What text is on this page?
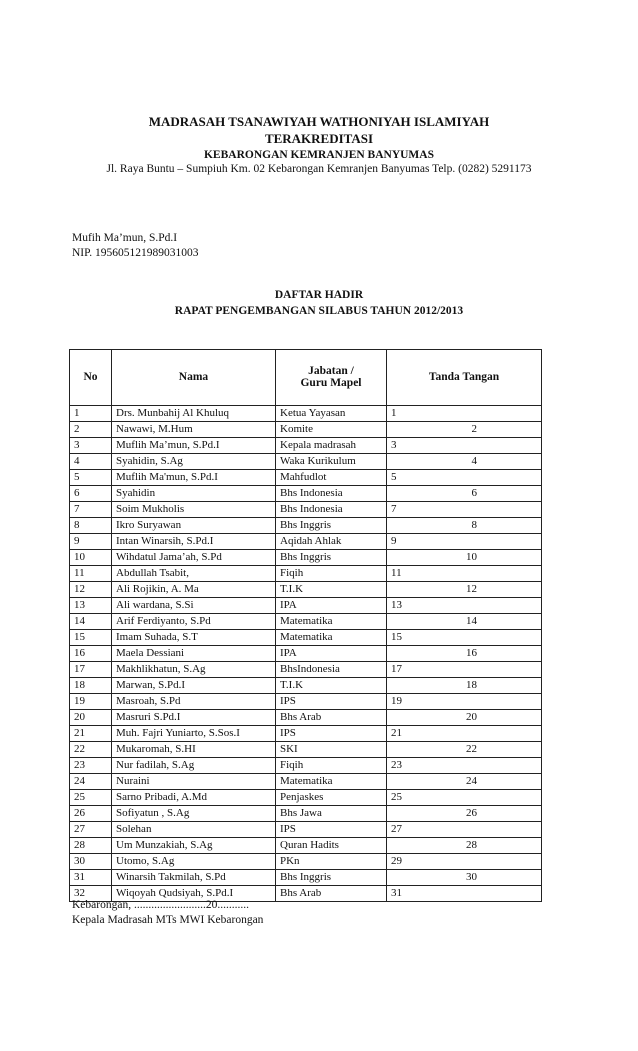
MADRASAH TSANAWIYAH WATHONIYAH ISLAMIYAH
TERAKREDITASI
KEBARONGAN KEMRANJEN BANYUMAS
Jl. Raya Buntu – Sumpiuh Km. 02 Kebarongan Kemranjen Banyumas Telp. (0282) 5291173
Mufih Ma’mun, S.Pd.I
NIP. 195605121989031003
DAFTAR HADIR
RAPAT PENGEMBANGAN SILABUS TAHUN 2012/2013
No	Nama	Jabatan /
Guru Mapel	Tanda Tangan
1	Drs. Munbahij Al Khuluq	Ketua Yayasan	1
2	Nawawi, M.Hum	Komite	2
3	Muflih Ma’mun, S.Pd.I	Kepala madrasah	3
4	Syahidin, S.Ag	Waka Kurikulum	4
5	Muflih Ma'mun, S.Pd.I	Mahfudlot	5
6	Syahidin	Bhs Indonesia	6
7	Soim Mukholis	Bhs Indonesia	7
8	Ikro Suryawan	Bhs Inggris	8
9	Intan Winarsih, S.Pd.I	Aqidah Ahlak	9
10	Wihdatul Jama’ah, S.Pd	Bhs Inggris	10
11	Abdullah Tsabit,	Fiqih	11
12	Ali Rojikin, A. Ma	T.I.K	12
13	Ali wardana, S.Si	IPA	13
14	Arif Ferdiyanto, S.Pd	Matematika	14
15	Imam Suhada, S.T	Matematika	15
16	Maela Dessiani	IPA	16
17	Makhlikhatun, S.Ag	BhsIndonesia	17
18	Marwan, S.Pd.I	T.I.K	18
19	Masroah, S.Pd	IPS	19
20	Masruri S.Pd.I	Bhs Arab	20
21	Muh. Fajri Yuniarto, S.Sos.I	IPS	21
22	Mukaromah, S.HI	SKI	22
23	Nur fadilah, S.Ag	Fiqih	23
24	Nuraini	Matematika	24
25	Sarno Pribadi, A.Md	Penjaskes	25
26	Sofiyatun , S.Ag	Bhs Jawa	26
27	Solehan	IPS	27
28	Um Munzakiah, S.Ag	Quran Hadits	28
30	Utomo, S.Ag	PKn	29
31	Winarsih Takmilah, S.Pd	Bhs Inggris	30
32	Wiqoyah Qudsiyah, S.Pd.I	Bhs Arab	31
Kebarongan, .........................20...........
Kepala Madrasah MTs MWI Kebarongan
